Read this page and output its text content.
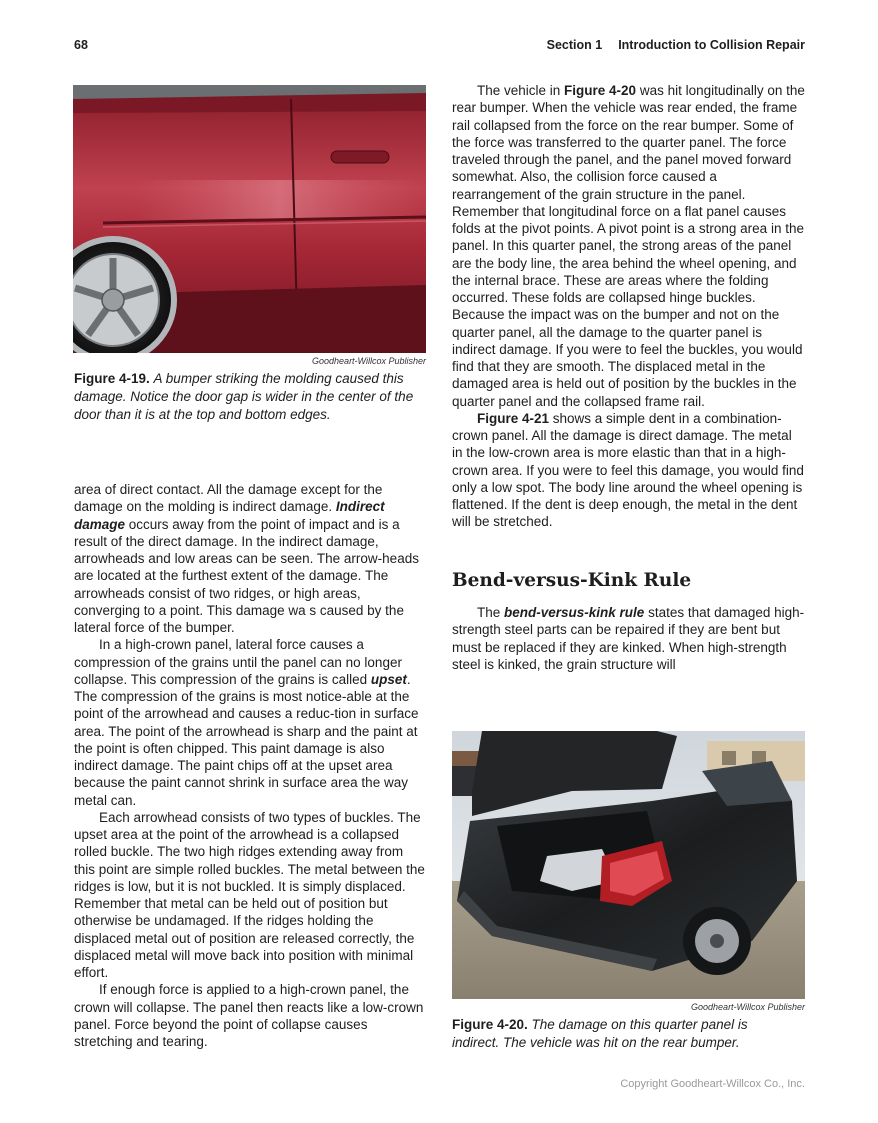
68	Section 1 Introduction to Collision Repair
Goodheart-Willcox Publisher
Figure 4-19. A bumper striking the molding caused this damage. Notice the door gap is wider in the center of the door than it is at the top and bottom edges.

area of direct contact. All the damage except for the damage on the molding is indirect damage. Indirect damage occurs away from the point of impact and is a result of the direct damage. In the indirect damage, arrowheads and low areas can be seen. The arrow-heads are located at the furthest extent of the damage. The arrowheads consist of two ridges, or high areas, converging to a point. This damage wa s caused by the lateral force of the bumper.

In a high-crown panel, lateral force causes a compression of the grains until the panel can no longer collapse. This compression of the grains is called upset. The compression of the grains is most notice-able at the point of the arrowhead and causes a reduc-tion in surface area. The point of the arrowhead is sharp and the paint at the point is often chipped. This paint damage is also indirect damage. The paint chips off at the upset area because the paint cannot shrink in surface area the way metal can.

Each arrowhead consists of two types of buckles. The upset area at the point of the arrowhead is a collapsed rolled buckle. The two high ridges extending away from this point are simple rolled buckles. The metal between the ridges is low, but it is not buckled. It is simply displaced. Remember that metal can be held out of position but otherwise be undamaged. If the ridges holding the displaced metal out of position are released correctly, the displaced metal will move back into position with minimal effort.

If enough force is applied to a high-crown panel, the crown will collapse. The panel then reacts like a low-crown panel. Force beyond the point of collapse causes stretching and tearing.

The vehicle in Figure 4-20 was hit longitudinally on the rear bumper. When the vehicle was rear ended, the frame rail collapsed from the force on the rear bumper. Some of the force was transferred to the quarter panel. The force traveled through the panel, and the panel moved forward somewhat. Also, the collision force caused a rearrangement of the grain structure in the panel. Remember that longitudinal force on a flat panel causes folds at the pivot points. A pivot point is a strong area in the panel. In this quarter panel, the strong areas of the panel are the body line, the area behind the wheel opening, and the internal brace. These are areas where the folding occurred. These folds are collapsed hinge buckles. Because the impact was on the bumper and not on the quarter panel, all the damage to the quarter panel is indirect damage. If you were to feel the buckles, you would find that they are smooth. The displaced metal in the damaged area is held out of position by the buckles in the quarter panel and the collapsed frame rail.

Figure 4-21 shows a simple dent in a combination-crown panel. All the damage is direct damage. The metal in the low-crown area is more elastic than that in a high-crown area. If you were to feel this damage, you would find only a low spot. The body line around the wheel opening is flattened. If the dent is deep enough, the metal in the dent will be stretched.

Bend-versus-Kink Rule

The bend-versus-kink rule states that damaged high-strength steel parts can be repaired if they are bent but must be replaced if they are kinked. When high-strength steel is kinked, the grain structure will

Goodheart-Willcox Publisher
Figure 4-20. The damage on this quarter panel is indirect. The vehicle was hit on the rear bumper.
Copyright Goodheart-Willcox Co., Inc.
